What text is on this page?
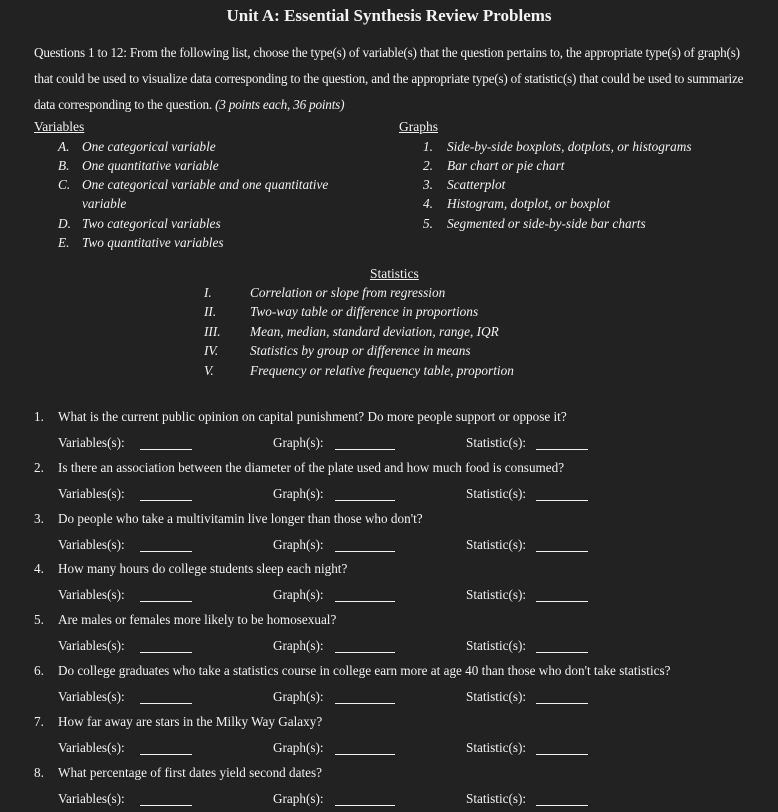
Unit A: Essential Synthesis Review Problems
Questions 1 to 12: From the following list, choose the type(s) of variable(s) that the question pertains to, the appropriate type(s) of graph(s) that could be used to visualize data corresponding to the question, and the appropriate type(s) of statistic(s) that could be used to summarize data corresponding to the question. (3 points each, 36 points)
Variables
A. One categorical variable
B. One quantitative variable
C. One categorical variable and one quantitative
variable
D. Two categorical variables
E. Two quantitative variables
Graphs
1. Side-by-side boxplots, dotplots, or histograms
2. Bar chart or pie chart
3. Scatterplot
4. Histogram, dotplot, or boxplot
5. Segmented or side-by-side bar charts
Statistics
I.	Correlation or slope from regression
II.	Two-way table or difference in proportions
III. Mean, median, standard deviation, range, IQR
IV. Statistics by group or difference in means
V.	Frequency or relative frequency table, proportion
1. What is the current public opinion on capital punishment? Do more people support or oppose it?
Variables(s):	Graph(s):	Statistic(s):
2. Is there an association between the diameter of the plate used and how much food is consumed?
Variables(s):	Graph(s):	Statistic(s):
3. Do people who take a multivitamin live longer than those who don't?
Variables(s):	Graph(s):	Statistic(s):
4. How many hours do college students sleep each night?
Variables(s):	Graph(s):	Statistic(s):
5. Are males or females more likely to be homosexual?
Variables(s):	Graph(s):	Statistic(s):
6. Do college graduates who take a statistics course in college earn more at age 40 than those who don't take statistics?
Variables(s):	Graph(s):	Statistic(s):
7. How far away are stars in the Milky Way Galaxy?
Variables(s):	Graph(s):	Statistic(s):
8. What percentage of first dates yield second dates?
Variables(s):	Graph(s):	Statistic(s):
